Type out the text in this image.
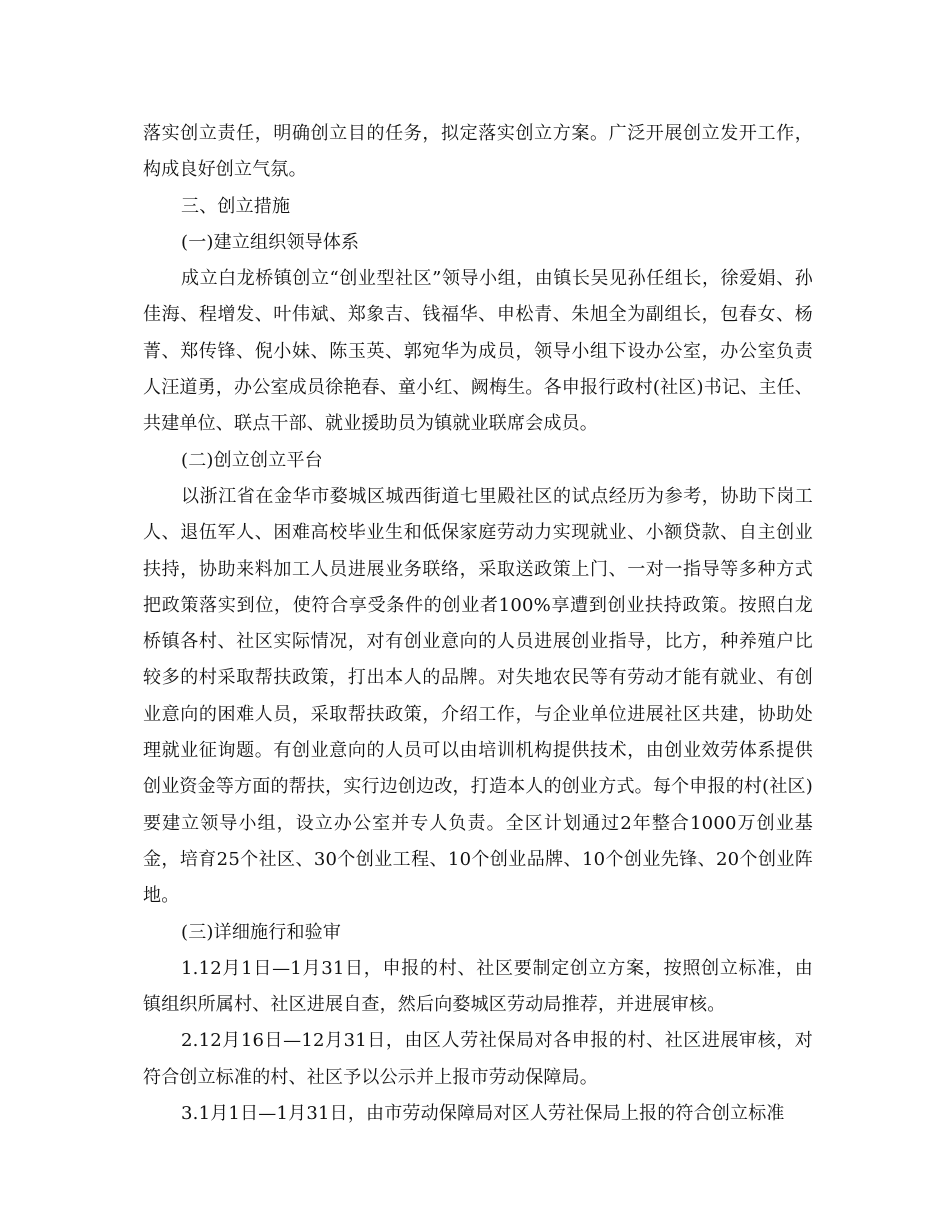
落实创立责任，明确创立目的任务，拟定落实创立方案。广泛开展创立发开工作，构成良好创立气氛。

三、创立措施

(一)建立组织领导体系

成立白龙桥镇创立“创业型社区”领导小组，由镇长吴见孙任组长，徐爱娟、孙佳海、程增发、叶伟斌、郑象吉、钱福华、申松青、朱旭全为副组长，包春女、杨菁、郑传锋、倪小妹、陈玉英、郭宛华为成员，领导小组下设办公室，办公室负责人汪道勇，办公室成员徐艳春、童小红、阙梅生。各申报行政村(社区)书记、主任、共建单位、联点干部、就业援助员为镇就业联席会成员。

(二)创立创立平台

以浙江省在金华市婺城区城西街道七里殿社区的试点经历为参考，协助下岗工人、退伍军人、困难高校毕业生和低保家庭劳动力实现就业、小额贷款、自主创业扶持，协助来料加工人员进展业务联络，采取送政策上门、一对一指导等多种方式把政策落实到位，使符合享受条件的创业者100%享遭到创业扶持政策。按照白龙桥镇各村、社区实际情况，对有创业意向的人员进展创业指导，比方，种养殖户比较多的村采取帮扶政策，打出本人的品牌。对失地农民等有劳动才能有就业、有创业意向的困难人员，采取帮扶政策，介绍工作，与企业单位进展社区共建，协助处理就业征询题。有创业意向的人员可以由培训机构提供技术，由创业效劳体系提供创业资金等方面的帮扶，实行边创边改，打造本人的创业方式。每个申报的村(社区)要建立领导小组，设立办公室并专人负责。全区计划通过2年整合1000万创业基金，培育25个社区、30个创业工程、10个创业品牌、10个创业先锋、20个创业阵地。

(三)详细施行和验审

1.12月1日—1月31日，申报的村、社区要制定创立方案，按照创立标准，由镇组织所属村、社区进展自查，然后向婺城区劳动局推荐，并进展审核。

2.12月16日—12月31日，由区人劳社保局对各申报的村、社区进展审核，对符合创立标准的村、社区予以公示并上报市劳动保障局。

3.1月1日—1月31日，由市劳动保障局对区人劳社保局上报的符合创立标准
